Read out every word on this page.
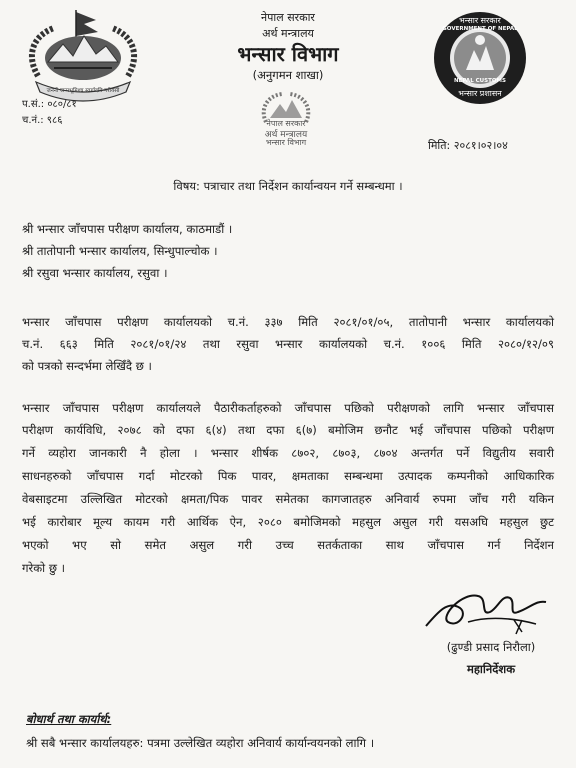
जननी जन्मभूमिश्च स्वर्गादपि गरीयसी
नेपाल सरकार
अर्थ मन्त्रालय
भन्सार विभाग
(अनुगमन शाखा)
भन्सार सरकार
GOVERNMENT OF NEPAL
NEPAL CUSTOMS
भन्सार प्रशासन
प.सं.: ०८०/८१
च.नं.: ९८६	नेपाल सरकार
अर्थ मन्त्रालय
भन्सार विभाग	मिति: २०८१।०२।०४
विषय: पत्राचार तथा निर्देशन कार्यान्वयन गर्ने सम्बन्धमा ।
श्री भन्सार जाँचपास परीक्षण कार्यालय, काठमाडौं ।
श्री तातोपानी भन्सार कार्यालय, सिन्धुपाल्चोक ।
श्री रसुवा भन्सार कार्यालय, रसुवा ।
भन्सार जाँचपास परीक्षण कार्यालयको च.नं. ३३७ मिति २०८१/०१/०५, तातोपानी भन्सार कार्यालयको
च.नं. ६६३ मिति २०८१/०१/२४ तथा रसुवा भन्सार कार्यालयको च.नं. १००६ मिति २०८०/१२/०९
को पत्रको सन्दर्भमा लेखिँदै छ ।
भन्सार जाँचपास परीक्षण कार्यालयले पैठारीकर्ताहरुको जाँचपास पछिको परीक्षणको लागि भन्सार जाँचपास
परीक्षण कार्यविधि, २०७८ को दफा ६(४) तथा दफा ६(७) बमोजिम छनौट भई जाँचपास पछिको परीक्षण
गर्ने व्यहोरा जानकारी नै होला । भन्सार शीर्षक ८७०२, ८७०३, ८७०४ अन्तर्गत पर्ने विद्युतीय सवारी
साधनहरुको जाँचपास गर्दा मोटरको पिक पावर, क्षमताका सम्बन्धमा उत्पादक कम्पनीको आधिकारिक
वेबसाइटमा उल्लिखित मोटरको क्षमता/पिक पावर समेतका कागजातहरु अनिवार्य रुपमा जाँच गरी यकिन
भई कारोबार मूल्य कायम गरी आर्थिक ऐन, २०८० बमोजिमको महसुल असुल गरी यसअघि महसुल छुट
भएको भए सो समेत असुल गरी उच्च सतर्कताका साथ जाँचपास गर्न निर्देशन
गरेको छु ।
(ढुण्डी प्रसाद निरौला)
महानिर्देशक
बोधार्थ तथा कार्यार्थ:
श्री सबै भन्सार कार्यालयहरु: पत्रमा उल्लेखित व्यहोरा अनिवार्य कार्यान्वयनको लागि ।
